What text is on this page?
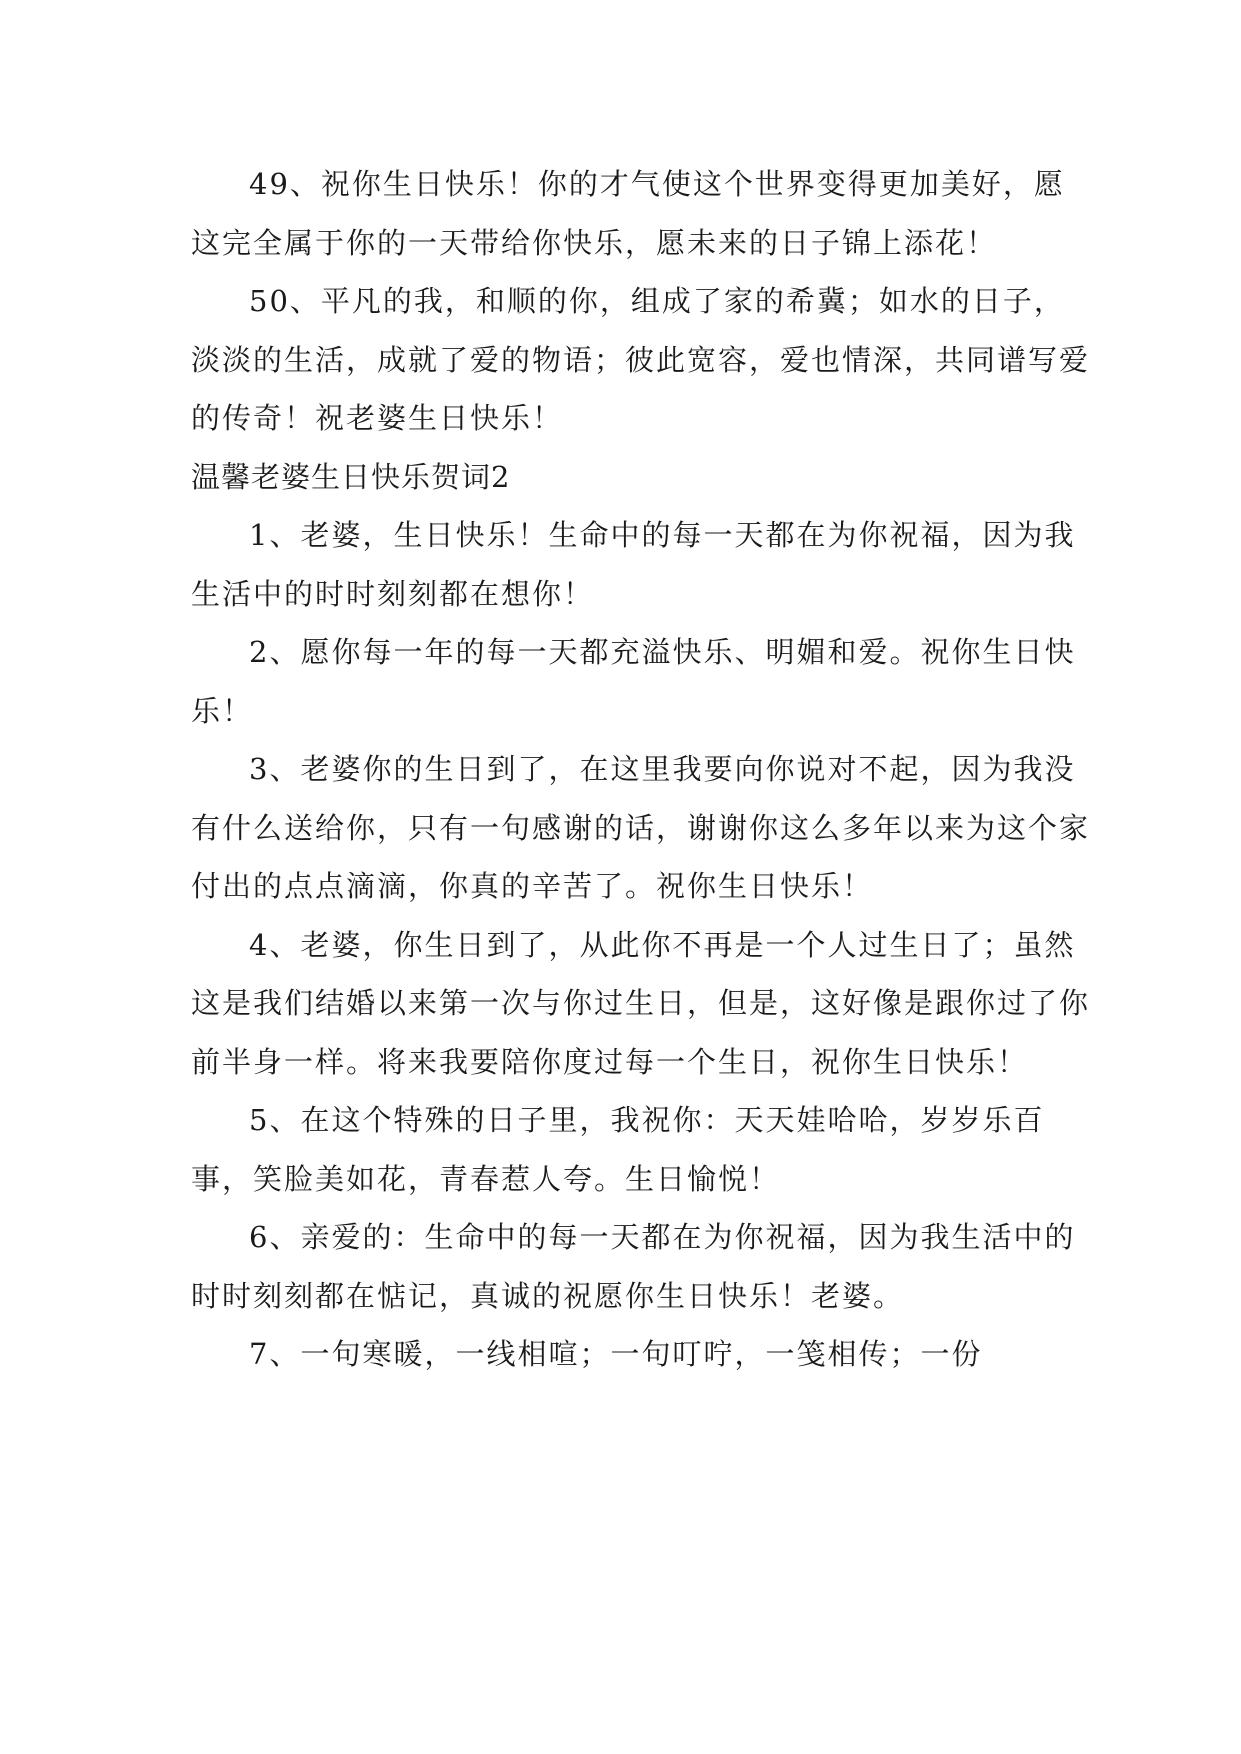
49、祝你生日快乐！你的才气使这个世界变得更加美好，愿这完全属于你的一天带给你快乐，愿未来的日子锦上添花！

50、平凡的我，和顺的你，组成了家的希冀；如水的日子，淡淡的生活，成就了爱的物语；彼此宽容，爱也情深，共同谱写爱的传奇！祝老婆生日快乐！

温馨老婆生日快乐贺词2

1、老婆，生日快乐！生命中的每一天都在为你祝福，因为我生活中的时时刻刻都在想你！

2、愿你每一年的每一天都充溢快乐、明媚和爱。祝你生日快乐！

3、老婆你的生日到了，在这里我要向你说对不起，因为我没有什么送给你，只有一句感谢的话，谢谢你这么多年以来为这个家付出的点点滴滴，你真的辛苦了。祝你生日快乐！

4、老婆，你生日到了，从此你不再是一个人过生日了；虽然这是我们结婚以来第一次与你过生日，但是，这好像是跟你过了你前半身一样。将来我要陪你度过每一个生日，祝你生日快乐！

5、在这个特殊的日子里，我祝你：天天娃哈哈，岁岁乐百事，笑脸美如花，青春惹人夸。生日愉悦！

6、亲爱的：生命中的每一天都在为你祝福，因为我生活中的时时刻刻都在惦记，真诚的祝愿你生日快乐！老婆。

7、一句寒暖，一线相喧；一句叮咛，一笺相传；一份
